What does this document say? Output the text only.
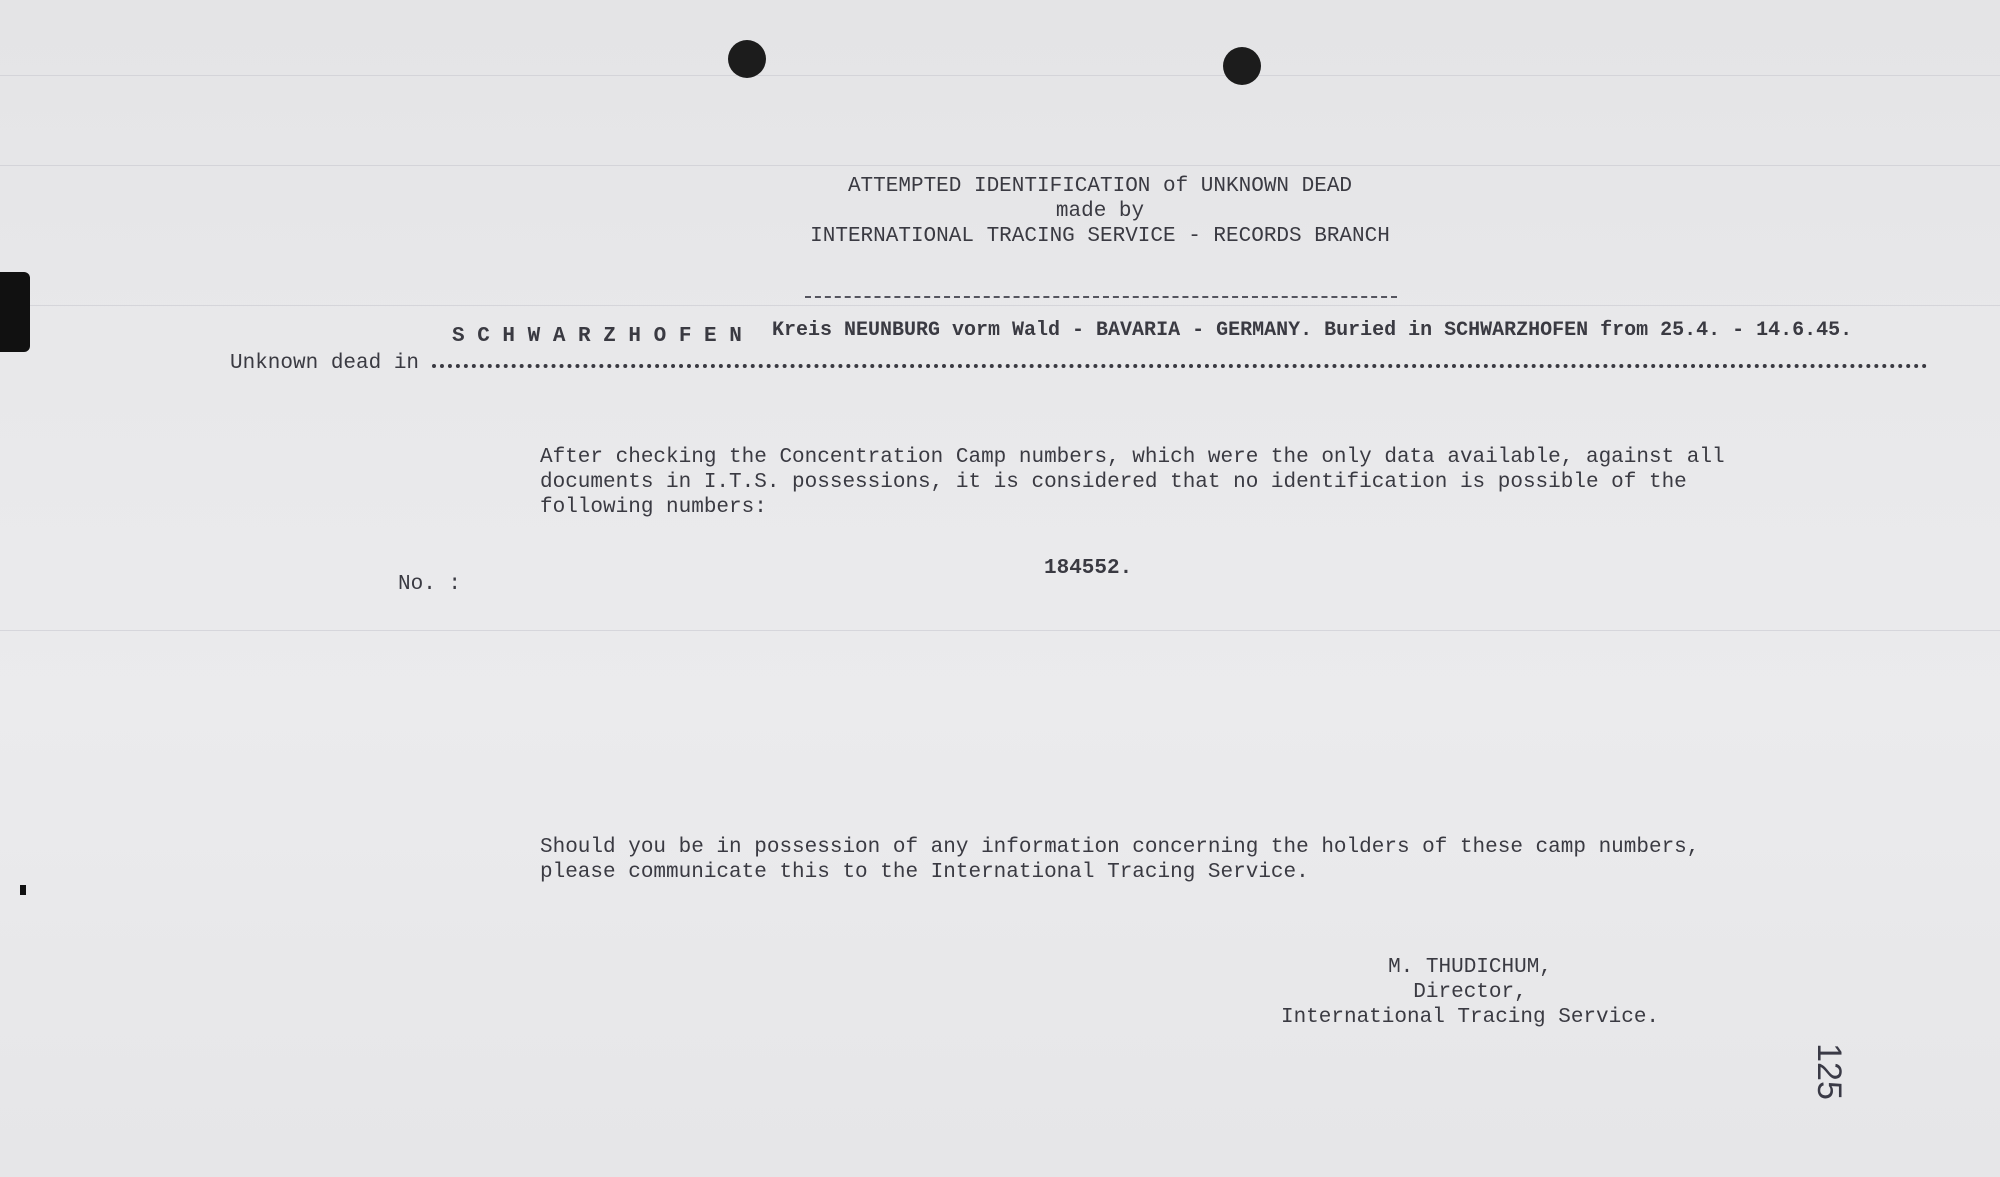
ATTEMPTED IDENTIFICATION of UNKNOWN DEAD
made by
INTERNATIONAL TRACING SERVICE - RECORDS BRANCH
S C H W A R Z H O F E N Kreis NEUNBURG vorm Wald - BAVARIA - GERMANY. Buried in SCHWARZHOFEN from 25.4. - 14.6.45.
Unknown dead in
After checking the Concentration Camp numbers, which were the only data available, against all
documents in I.T.S. possessions, it is considered that no identification is possible of the
following numbers:
No. :
184552.
Should you be in possession of any information concerning the holders of these camp numbers,
please communicate this to the International Tracing Service.
M. THUDICHUM,
Director,
International Tracing Service.
125
